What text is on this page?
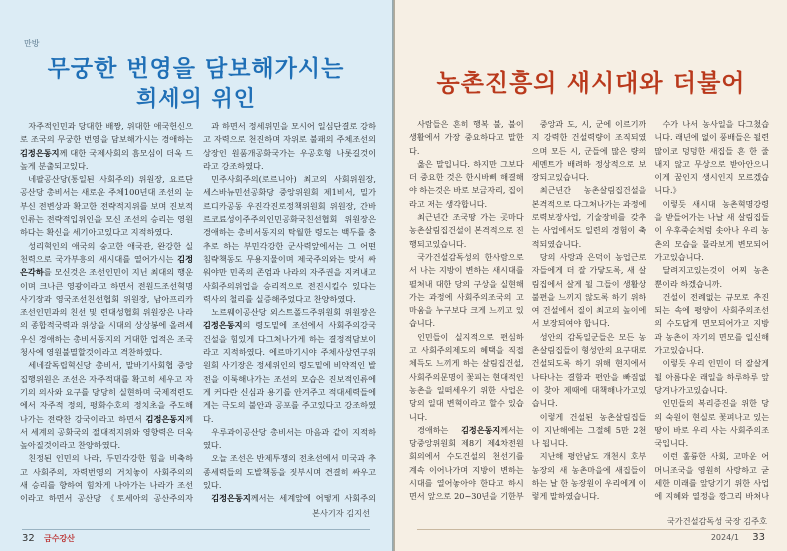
만방
무궁한 번영을 담보해가시는
희세의 위인

자주적인민과 당대한 배짱, 위대한 애국헌신으로 조국의 무궁한 번영을 담보해가시는 경애하는 김정은동지께 대한 국제사회의 흠모심이 더욱 드높게 분출되고있다.

네팔공산당(통일된 사회주의) 위원장, 요르단공산당 총비서는 새로운 주체100년대 조선의 눈부신 전변상과 확고한 전략적지위를 보며 진보적인류는 전략적입위인을 모신 조선의 승리는 영원하다는 확신을 세기아고있다고 지적하였다.

성리혁인의 애국의 숭고한 애국관, 완강한 실천력으로 국가부흥의 새시대를 열어가시는 김정은각하를 모신것은 조선인민이 지닌 최대의 행운이며 크나큰 영광이라고 하면서 전원드조선혁명 사기장과 영국조선친선협회 위원장, 남아프리카조선인민과의 친선 및 련대성협회 위원장은 나라의 종합적국력과 위상을 시대의 상상봉에 올려세우신 경애하는 총비서동지의 거대한 업적은 조국청사에 영원불멸할것이라고 격찬하였다.

세네갈독립혁신당 총비서, 말바기사회협 중앙집행위원은 조선은 자주적대를 확고히 세우고 자기의 의사와 요구를 당당히 실현하며 국제적련도에서 자주적 정의, 평화수호의 정치초을 주도해나가는 전략찬 강국이라고 하면서 김정은동지께서 세계의 공화국의 절대적지위와 영향력은 더욱 높아질것이라고 찬양하였다.

친정된 인민의 나라, 두민각강한 힘을 비축하고 사회주의, 자력번영의 거치놓이 사회주의의 새 승리를 향하여 힘차게 나아가는 나라가 조선이라고 하면서 공산당 《토세아의 공산주의자

과 하면서 정세위민을 모시어 일심단결로 강하고 자력으로 천진하며 자위로 불패의 주체조선의 상장인 원품개공화국가는 우공호형 나롯길것이라고 강조하였다.

민주사회주의(로르니아) 최고의 사회위원장, 세스바뉴민선공화당 중앙위원회 제1비서, 밀가르디카공동 우진각진로정책위원회 위원장, 간바르코료성이주주의인민공화국친선협회 위원장은 경애하는 총비서동지의 탁월한 령도는 백두를 충추로 하는 부민각강한 군사력앞에서는 그 어떤 침략책동도 무용지물이며 제국주의와는 맞서 싸워야만 민족의 존엄과 나라의 자주권을 지켜내고 사회주의위업을 승리적으로 전진시킬수 있다는 력사의 철리를 실증해주었다고 찬양하였다.

노르웨이공산당 외스트폴드주위원회 위원장은 김정은동지의 령도밑에 조선에서 사회주의강국건설을 힘있게 다그쳐나가게 하는 결정적담보이라고 지적하였다. 에르마기시야 주체사상연구위원회 사기장은 정세위인의 령도밑에 비약적인 발전을 이룩해나가는 조선의 모습은 진보적인류에게 커다란 신심과 용기를 안겨주고 적대세력들에게는 극도의 불안과 공포를 주고있다고 강조하였다.

우루과이공산당 총비서는 마음과 같이 지적하였다.

오늘 조선은 반제투쟁의 전초선에서 미국과 추종세력들의 도발책동을 짓부시며 견결히 싸우고있다.

김정은동지께서는 세계앞에 어떻게 사회주의

본사기자 김지선
32 금수강산
농촌진흥의 새시대와 더불어

사람들은 흔히 행복 불, 불이 생활에서 가장 중요하다고 말한다.

옳은 말입니다. 하지만 그보다 더 중요한 것은 한시바삐 해결해야 하는것은 바로 보금자리, 집이라고 저는 생각합니다.

최근년간 조국땅 가는 곳마다 농촌살림집건설이 본격적으로 진행되고있습니다.

국가건설감독성의 한사람으로서 나는 지방이 변하는 새시대를 펼쳐내 대한 당의 구상을 실현해가는 과정에 사회주의조국의 고마움을 누구보다 크게 느끼고 있습니다.

인민들이 실지적으로 편심하고 사회주의제도의 혜택을 직접 체득도 느끼게 하는 살림집건설, 사회주의문명이 꽃피는 현대적인 농촌을 일떠세우기 위한 사업은 당의 일대 변혁이라고 할수 있습니다.

경애하는 김정은동지께서는 당중앙위원회 제8기 제4차전원회의에서 수도건설의 천선기를 계속 이어나가며 지방이 변하는 시대를 열어놓아야 한다고 하시면서 앞으로 20~30년을 기한부

중앙과 도, 시, 군에 이르기까지 강력한 건설력량이 조직되였으며 모든 시, 군들에 많은 량의 세멘트가 배려하 정상적으로 보장되고있습니다.

최근년간 농촌살림집건설을 본격적으로 다그쳐나가는 과정에 로력보장사업, 기술장비를 갖추는 사업에서도 일련의 경험이 축적되였습니다.

당의 사랑과 은덕이 농업근로자들에게 더 잘 가닿도록, 새 살림집에서 살게 될 그들이 생활상 불편을 느끼지 않도록 하기 위하여 건설에서 질이 최고의 높이에서 보장되여야 합니다.

성안의 감독일군들은 모든 농촌살림집들이 형성안의 요구대로 건설되도록 하기 위해 현지에서 나타나는 결함과 편안을 빠짐없이 찾아 제때에 대책해나가고있습니다.

이렇게 건설된 농촌살림집들이 지난해에는 그절헤 5만 2천 나 됩니다.

지난해 평안남도 개천시 호부농장의 새 농촌마을에 새집들이 하는 날 한 농장원이 우리에게 이렇게 말하였습니다.

수가 나서 농사일을 다그쳤습니다. 래년에 없이 풍배들은 될련 많이코 덩덩한 새집들 흔 한 줄 내지 않고 무상으로 받아안으니 이게 꿈인지 생시인지 모르겠습니다.》

이렇듯 새시대 농촌혁명강령을 받들어가는 나날 새 살림집들이 우후죽순처럼 솟아나 우리 농촌의 모습을 몰라보게 변모되어가고있습니다.

달려지고있는것이 어찌 농촌뿐이라 하겠습니까.

건설이 전례없는 규모로 추진되는 속에 평양이 사회주의조선의 수도답게 면모되어가고 지방과 농촌이 자기의 면모를 일신해가고있습니다.

이렇듯 우리 인민이 더 잘살게 될 아름다운 래일을 하루하루 앞당겨나가고있습니다.

인민들의 복리증진을 위한 당의 숙원이 현실로 꽃펴나고 있는 땅이 바로 우리 사는 사회주의조국입니다.

이런 훌륭한 사회, 고마운 어머니조국을 영원히 사랑하고 굳세한 미래를 앞당기기 위한 사업에 지혜와 열정을 깡그리 바쳐나

국가건설감독성 국장 김주호
2024/1 33
